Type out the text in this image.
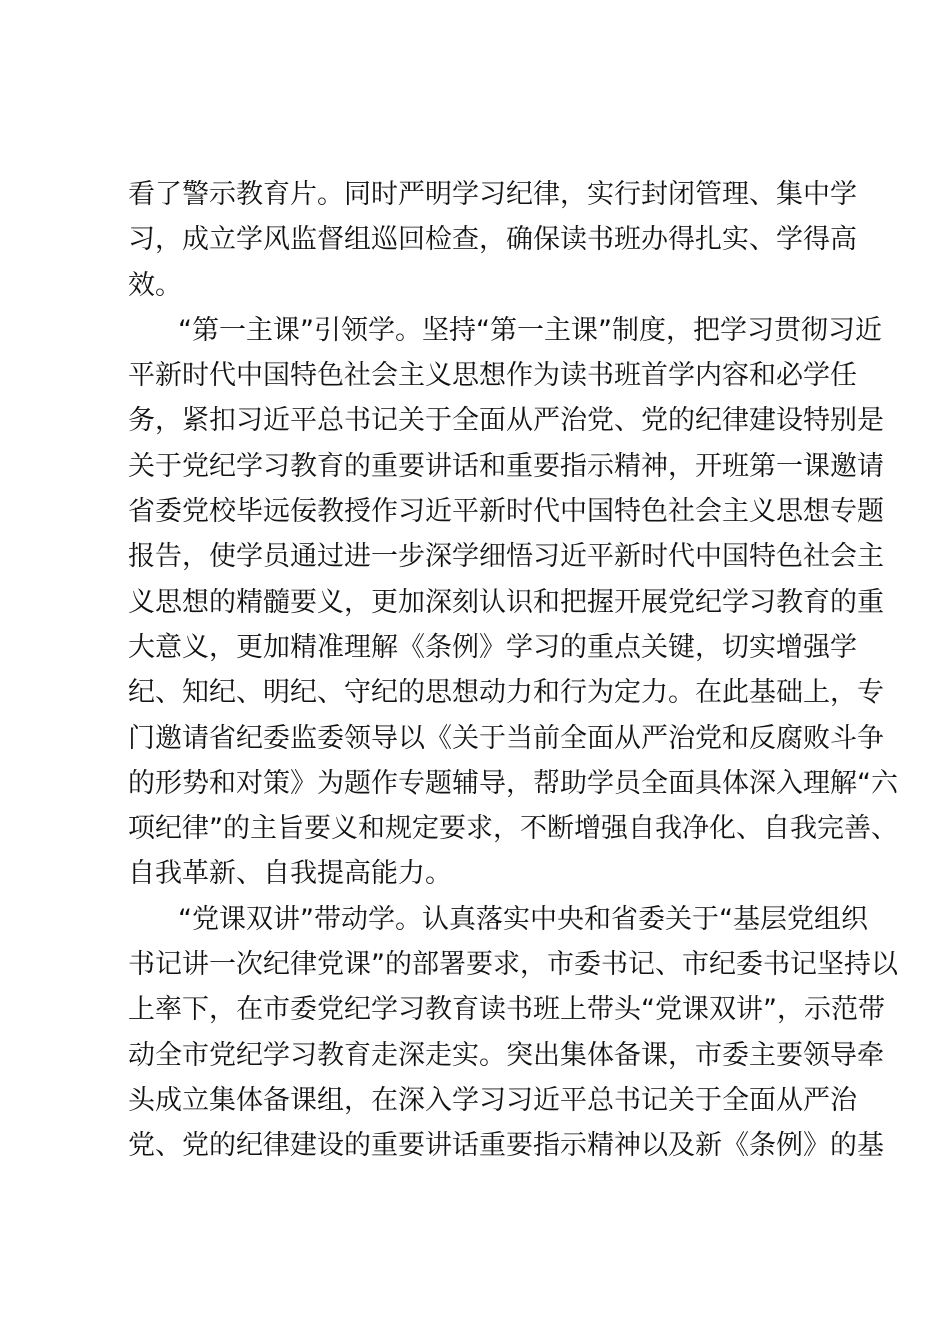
看了警示教育片。同时严明学习纪律，实行封闭管理、集中学
习，成立学风监督组巡回检查，确保读书班办得扎实、学得高
效。
“第一主课”引领学。坚持“第一主课”制度，把学习贯彻习近
平新时代中国特色社会主义思想作为读书班首学内容和必学任
务，紧扣习近平总书记关于全面从严治党、党的纪律建设特别是
关于党纪学习教育的重要讲话和重要指示精神，开班第一课邀请
省委党校毕远佞教授作习近平新时代中国特色社会主义思想专题
报告，使学员通过进一步深学细悟习近平新时代中国特色社会主
义思想的精髓要义，更加深刻认识和把握开展党纪学习教育的重
大意义，更加精准理解《条例》学习的重点关键，切实增强学
纪、知纪、明纪、守纪的思想动力和行为定力。在此基础上，专
门邀请省纪委监委领导以《关于当前全面从严治党和反腐败斗争
的形势和对策》为题作专题辅导，帮助学员全面具体深入理解“六
项纪律”的主旨要义和规定要求，不断增强自我净化、自我完善、
自我革新、自我提高能力。
“党课双讲”带动学。认真落实中央和省委关于“基层党组织
书记讲一次纪律党课”的部署要求，市委书记、市纪委书记坚持以
上率下，在市委党纪学习教育读书班上带头“党课双讲”，示范带
动全市党纪学习教育走深走实。突出集体备课，市委主要领导牵
头成立集体备课组，在深入学习习近平总书记关于全面从严治
党、党的纪律建设的重要讲话重要指示精神以及新《条例》的基
